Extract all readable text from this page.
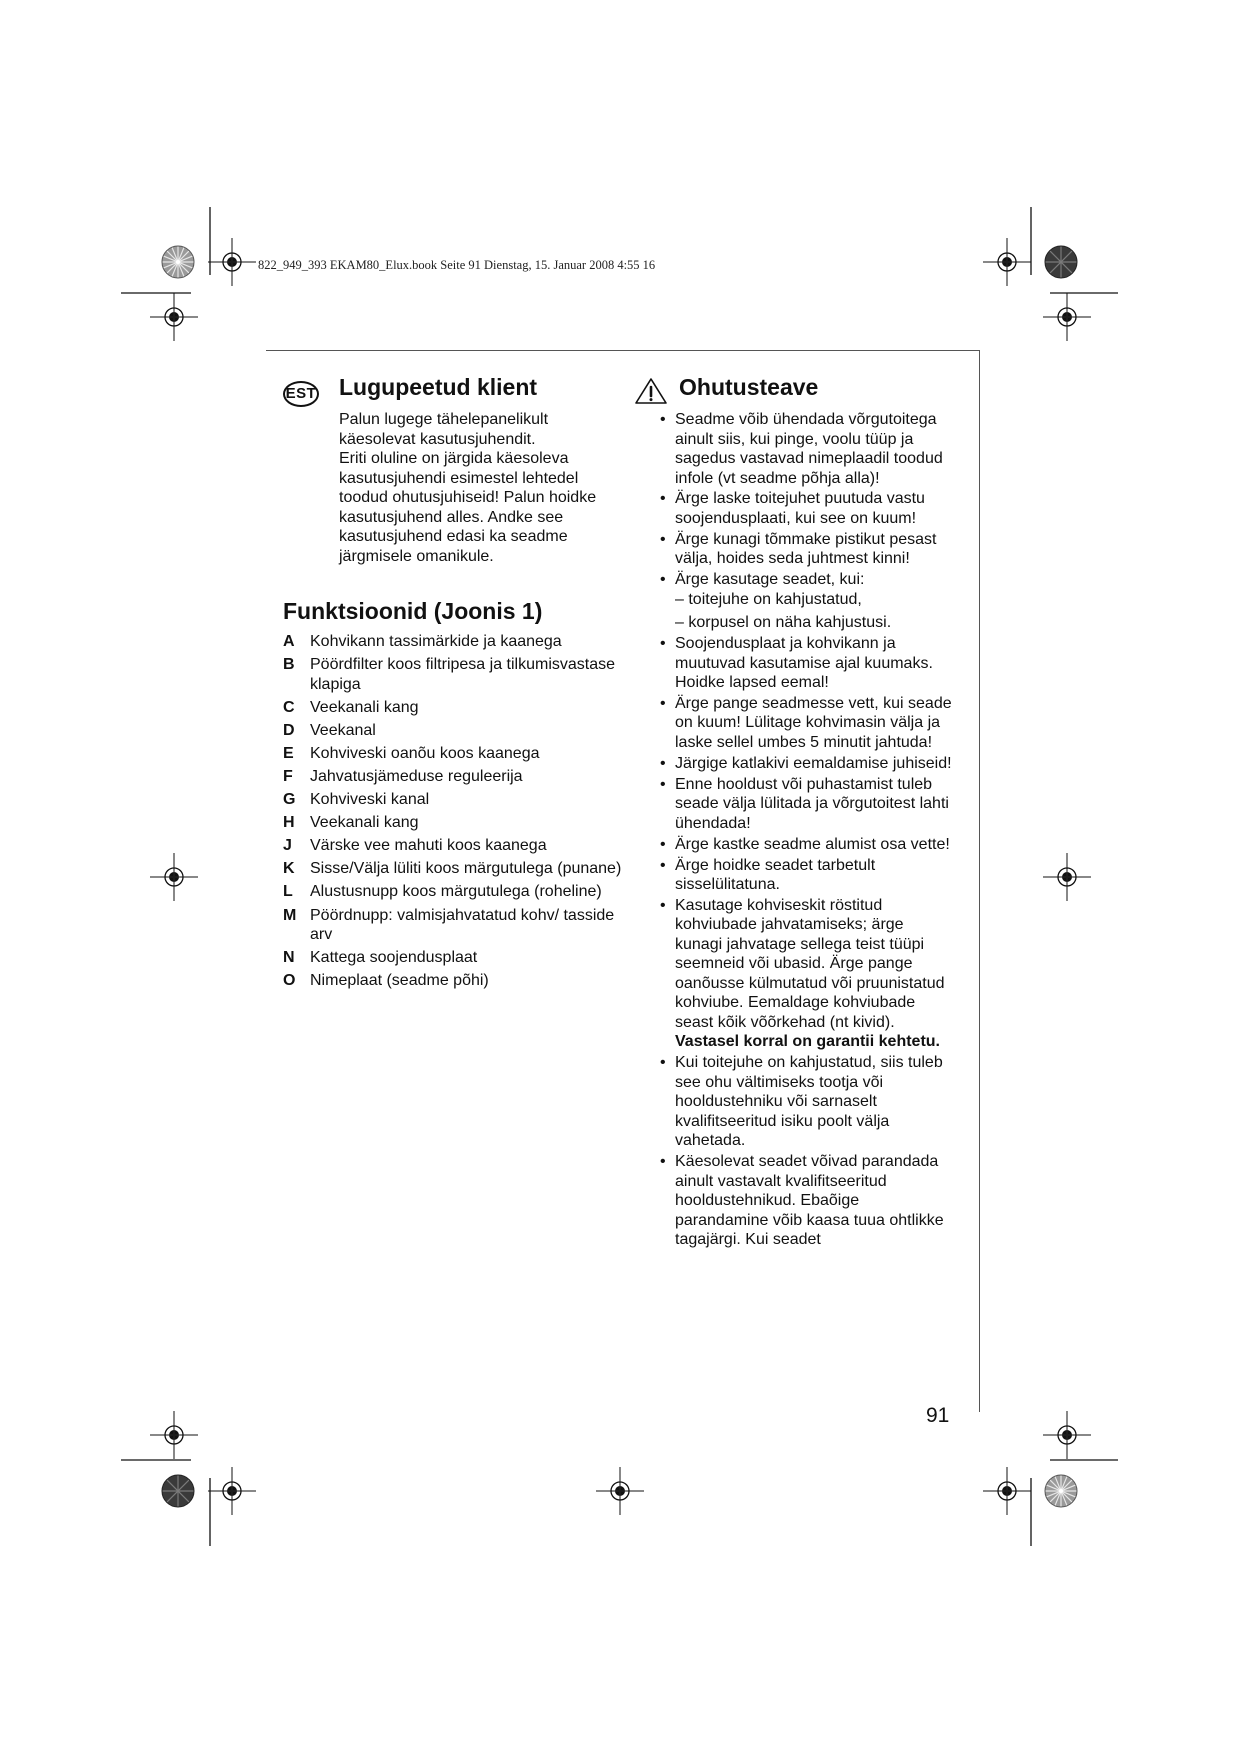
822_949_393 EKAM80_Elux.book Seite 91 Dienstag, 15. Januar 2008 4:55 16
EST Lugupeetud klient

Palun lugege tähelepanelikult käesolevat kasutusjuhendit.

Eriti oluline on järgida käesoleva kasutusjuhendi esimestel lehtedel toodud ohutusjuhiseid! Palun hoidke kasutusjuhend alles. Andke see kasutusjuhend edasi ka seadme järgmisele omanikule.

Funktsioonid (Joonis 1)
A Kohvikann tassimärkide ja kaanega
B Pöördfilter koos filtripesa ja tilkumisvastase klapiga
C Veekanali kang
D Veekanal
E Kohviveski oanõu koos kaanega
F Jahvatusjämeduse reguleerija
G Kohviveski kanal
H Veekanali kang
J Värske vee mahuti koos kaanega
K Sisse/Välja lüliti koos märgutulega (punane)
L Alustusnupp koos märgutulega (roheline)
M Pöördnupp: valmisjahvatatud kohv/ tasside arv
N Kattega soojendusplaat
O Nimeplaat (seadme põhi)
Ohutusteave
• Seadme võib ühendada võrgutoitega ainult siis, kui pinge, voolu tüüp ja sagedus vastavad nimeplaadil toodud infole (vt seadme põhja alla)!
• Ärge laske toitejuhet puutuda vastu soojendusplaati, kui see on kuum!
• Ärge kunagi tõmmake pistikut pesast välja, hoides seda juhtmest kinni!
• Ärge kasutage seadet, kui:
– toitejuhe on kahjustatud,
– korpusel on näha kahjustusi.
• Soojendusplaat ja kohvikann ja muutuvad kasutamise ajal kuumaks. Hoidke lapsed eemal!
• Ärge pange seadmesse vett, kui seade on kuum! Lülitage kohvimasin välja ja laske sellel umbes 5 minutit jahtuda!
• Järgige katlakivi eemaldamise juhiseid!
• Enne hooldust või puhastamist tuleb seade välja lülitada ja võrgutoitest lahti ühendada!
• Ärge kastke seadme alumist osa vette!
• Ärge hoidke seadet tarbetult sisselülitatuna.
• Kasutage kohviseskit röstitud kohviubade jahvatamiseks; ärge kunagi jahvatage sellega teist tüüpi seemneid või ubasid. Ärge pange oanõusse külmutatud või pruunistatud kohviube. Eemaldage kohviubade seast kõik võõrkehad (nt kivid). Vastasel korral on garantii kehtetu.
• Kui toitejuhe on kahjustatud, siis tuleb see ohu vältimiseks tootja või hooldustehniku või sarnaselt kvalifitseeritud isiku poolt välja vahetada.
• Käesolevat seadet võivad parandada ainult vastavalt kvalifitseeritud hooldustehnikud. Ebaõige parandamine võib kaasa tuua ohtlikke tagajärgi. Kui seadet
91
